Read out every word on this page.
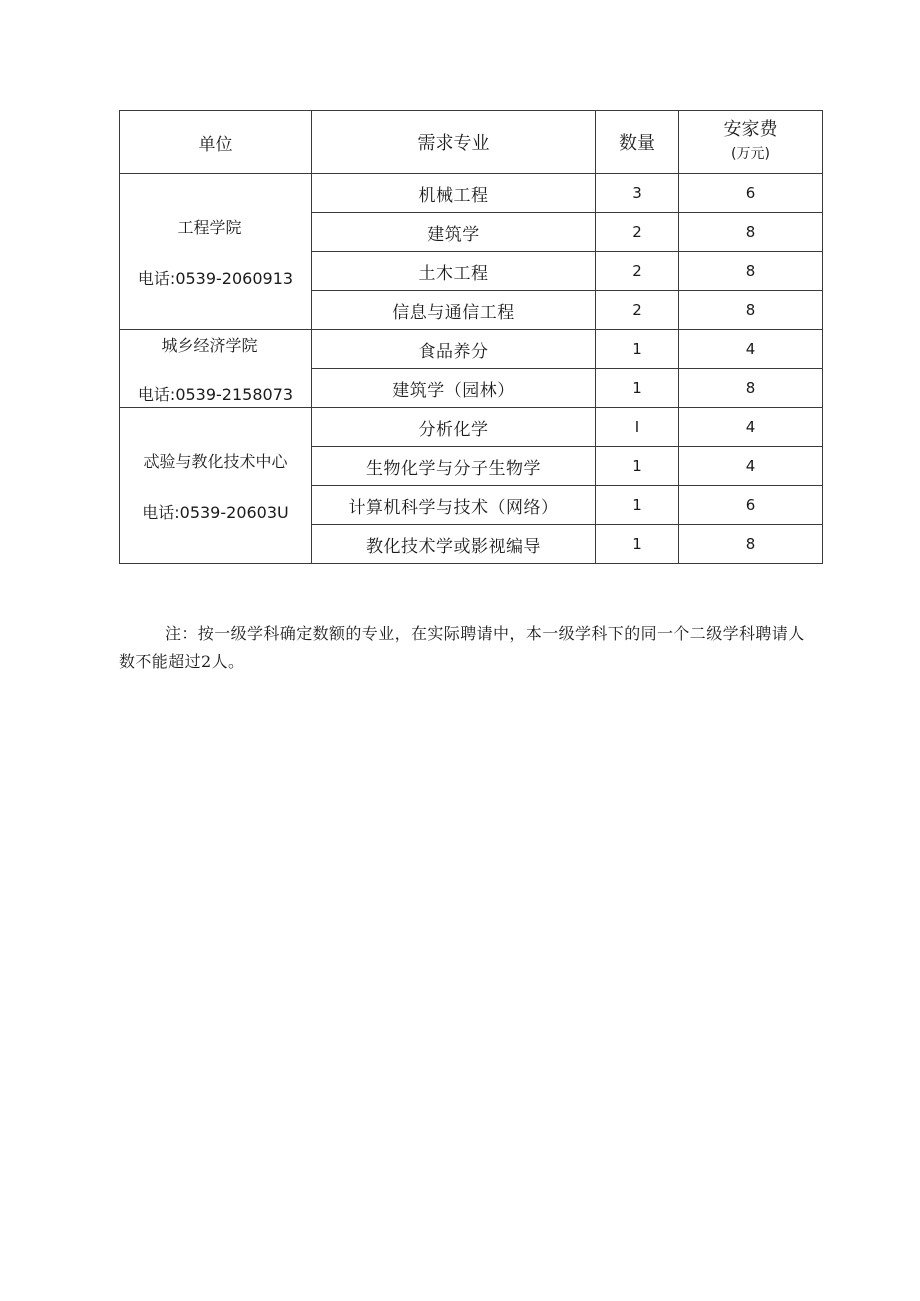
单位	需求专业	数量	安家费
(万元)

工程学院
电话:0539-2060913	机械工程	3	6
	建筑学	2	8
	土木工程	2	8
	信息与通信工程	2	8

城乡经济学院
电话:0539-2158073	食品养分	1	4
	建筑学（园林）	1	8

忒验与教化技术中心
电话:0539-20603U	分析化学	I	4
	生物化学与分子生物学	1	4
	计算机科学与技术（网络）	1	6
	教化技术学或影视编导	1	8

注：按一级学科确定数额的专业，在实际聘请中，本一级学科下的同一个二级学科聘请人数不能超过2人。
